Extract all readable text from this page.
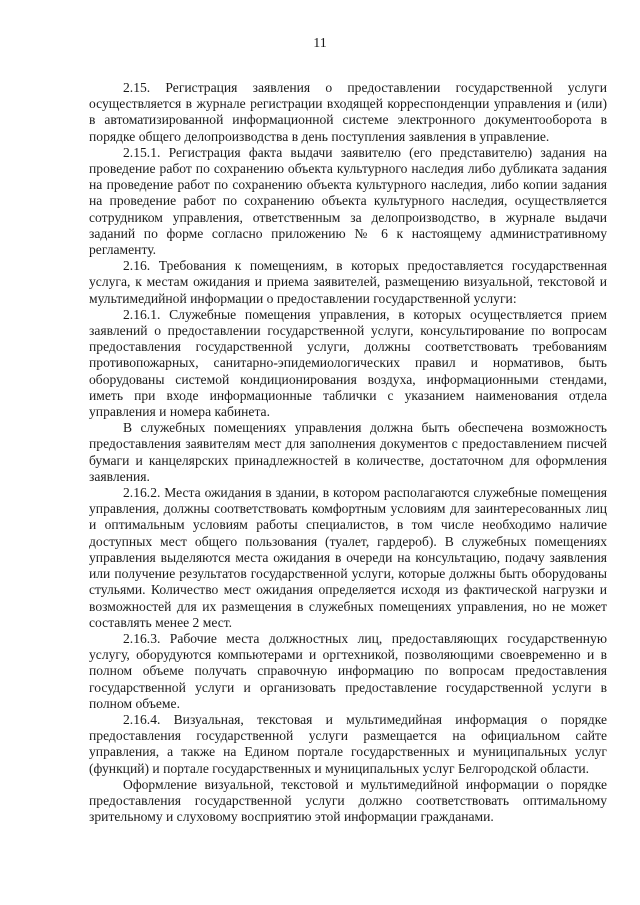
11

2.15. Регистрация заявления о предоставлении государственной услуги осуществляется в журнале регистрации входящей корреспонденции управления и (или) в автоматизированной информационной системе электронного документооборота в порядке общего делопроизводства в день поступления заявления в управление.

2.15.1. Регистрация факта выдачи заявителю (его представителю) задания на проведение работ по сохранению объекта культурного наследия либо дубликата задания на проведение работ по сохранению объекта культурного наследия, либо копии задания на проведение работ по сохранению объекта культурного наследия, осуществляется сотрудником управления, ответственным за делопроизводство, в журнале выдачи заданий по форме согласно приложению № 6 к настоящему административному регламенту.

2.16. Требования к помещениям, в которых предоставляется государственная услуга, к местам ожидания и приема заявителей, размещению визуальной, текстовой и мультимедийной информации о предоставлении государственной услуги:

2.16.1. Служебные помещения управления, в которых осуществляется прием заявлений о предоставлении государственной услуги, консультирование по вопросам предоставления государственной услуги, должны соответствовать требованиям противопожарных, санитарно-эпидемиологических правил и нормативов, быть оборудованы системой кондиционирования воздуха, информационными стендами, иметь при входе информационные таблички с указанием наименования отдела управления и номера кабинета.

В служебных помещениях управления должна быть обеспечена возможность предоставления заявителям мест для заполнения документов с предоставлением писчей бумаги и канцелярских принадлежностей в количестве, достаточном для оформления заявления.

2.16.2. Места ожидания в здании, в котором располагаются служебные помещения управления, должны соответствовать комфортным условиям для заинтересованных лиц и оптимальным условиям работы специалистов, в том числе необходимо наличие доступных мест общего пользования (туалет, гардероб). В служебных помещениях управления выделяются места ожидания в очереди на консультацию, подачу заявления или получение результатов государственной услуги, которые должны быть оборудованы стульями. Количество мест ожидания определяется исходя из фактической нагрузки и возможностей для их размещения в служебных помещениях управления, но не может составлять менее 2 мест.

2.16.3. Рабочие места должностных лиц, предоставляющих государственную услугу, оборудуются компьютерами и оргтехникой, позволяющими своевременно и в полном объеме получать справочную информацию по вопросам предоставления государственной услуги и организовать предоставление государственной услуги в полном объеме.

2.16.4. Визуальная, текстовая и мультимедийная информация о порядке предоставления государственной услуги размещается на официальном сайте управления, а также на Едином портале государственных и муниципальных услуг (функций) и портале государственных и муниципальных услуг Белгородской области.

Оформление визуальной, текстовой и мультимедийной информации о порядке предоставления государственной услуги должно соответствовать оптимальному зрительному и слуховому восприятию этой информации гражданами.
